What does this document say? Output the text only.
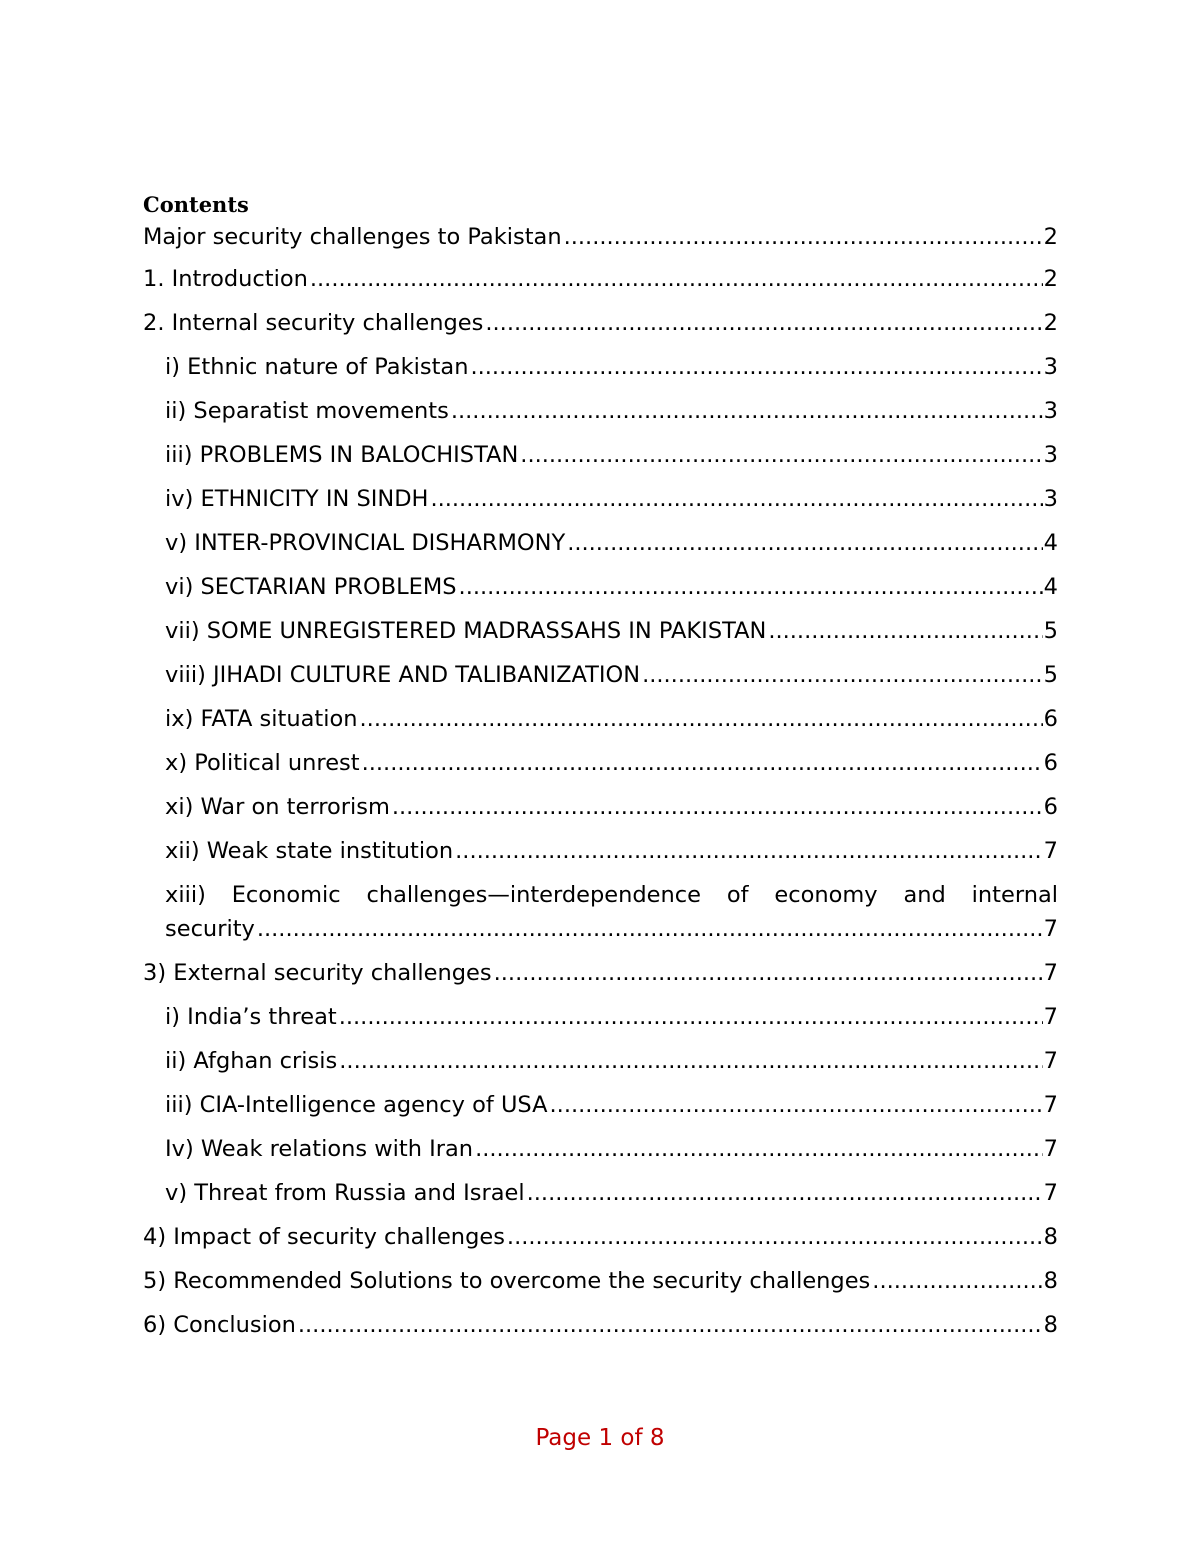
Contents
Major security challenges to Pakistan .....	2
1. Introduction .....	2
2. Internal security challenges .....	2
i) Ethnic nature of Pakistan .....	3
ii) Separatist movements .....	3
iii) PROBLEMS IN BALOCHISTAN .....	3
iv) ETHNICITY IN SINDH .....	3
v) INTER-PROVINCIAL DISHARMONY .....	4
vi) SECTARIAN PROBLEMS .....	4
vii) SOME UNREGISTERED MADRASSAHS IN PAKISTAN .....	5
viii) JIHADI CULTURE AND TALIBANIZATION .....	5
ix) FATA situation .....	6
x) Political unrest .....	6
xi) War on terrorism .....	6
xii) Weak state institution .....	7
xiii) Economic challenges—interdependence of economy and internal
security .....	7
3) External security challenges .....	7
i) India’s threat .....	7
ii) Afghan crisis .....	7
iii) CIA-Intelligence agency of USA .....	7
Iv) Weak relations with Iran .....	7
v) Threat from Russia and Israel .....	7
4) Impact of security challenges .....	8
5) Recommended Solutions to overcome the security challenges .....	8
6) Conclusion .....	8
Page 1 of 8
